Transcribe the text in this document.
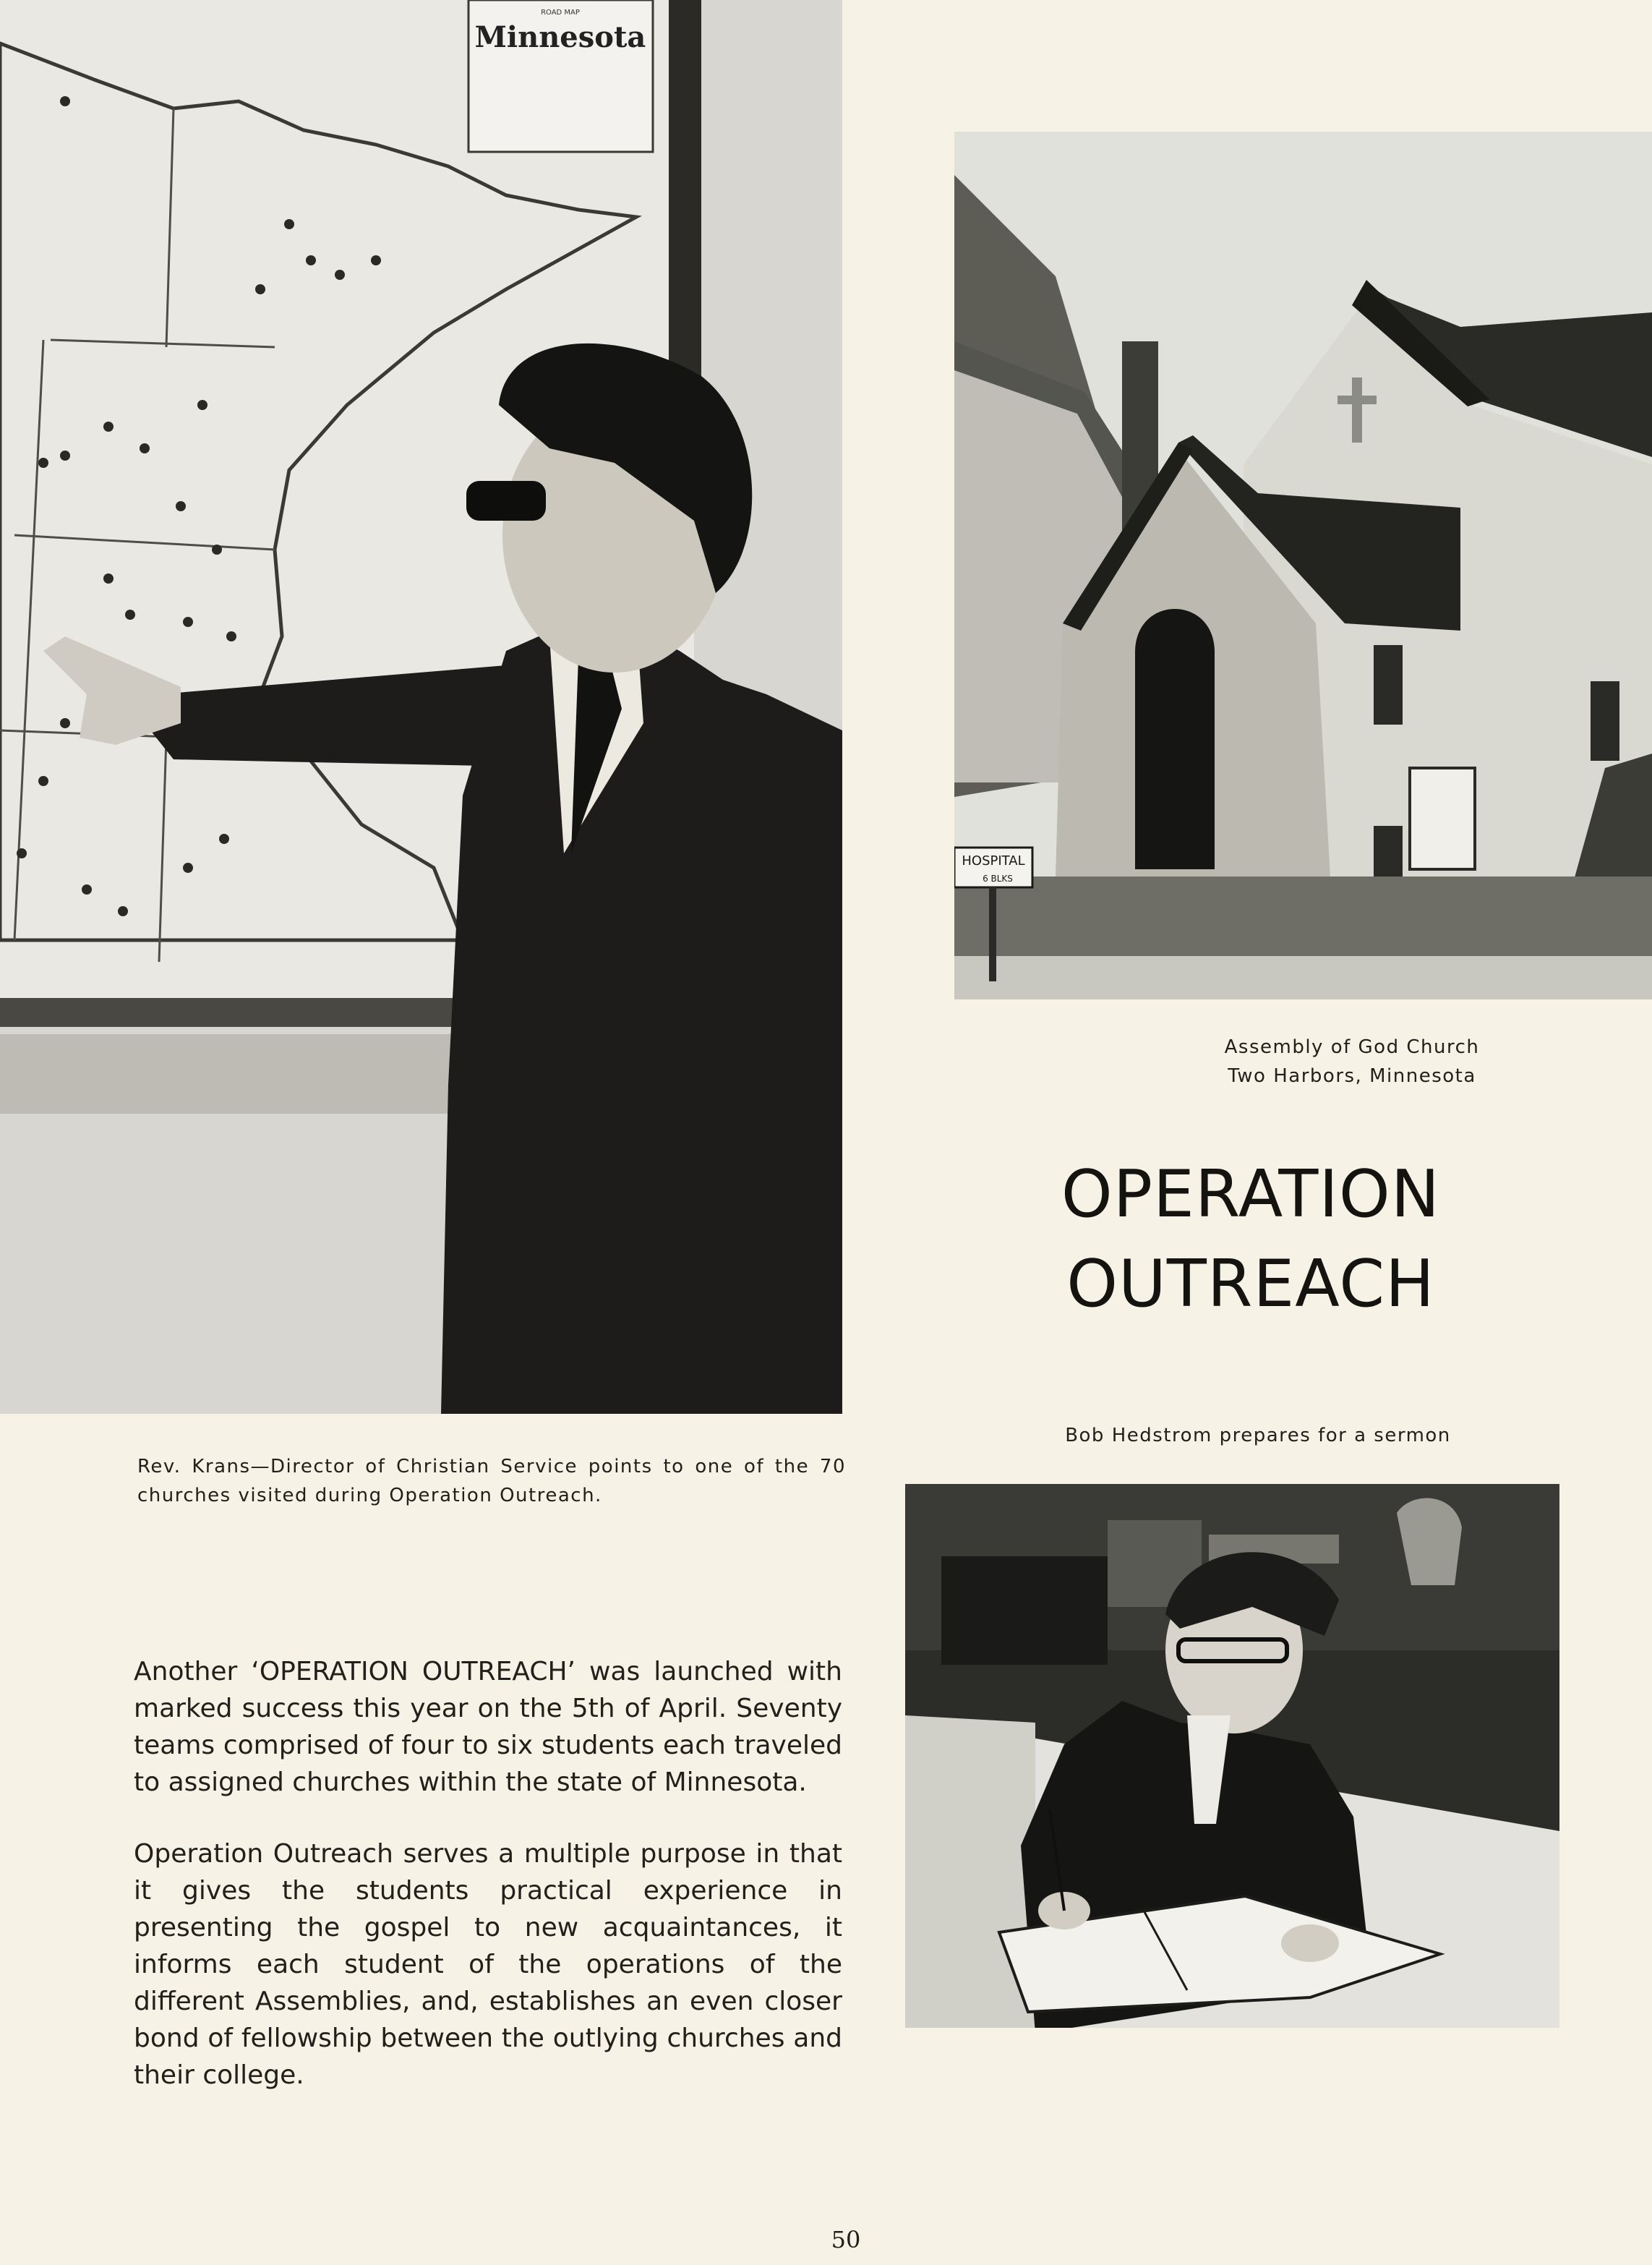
Minnesota
ROAD MAP
HOSPITAL
6 BLKS
Assembly of God Church
Two Harbors, Minnesota
OPERATION
OUTREACH
Bob Hedstrom prepares for a sermon
Rev. Krans—Director of Christian Service points to one of the 70 churches visited during Operation Outreach.
Another ‘OPERATION OUTREACH’ was launched with marked success this year on the 5th of April. Seventy teams comprised of four to six students each traveled to assigned churches within the state of Minnesota.
Operation Outreach serves a multiple purpose in that it gives the students practical experience in presenting the gospel to new acquaintances, it informs each student of the operations of the different Assemblies, and, establishes an even closer bond of fellowship between the outlying churches and their college.
50
